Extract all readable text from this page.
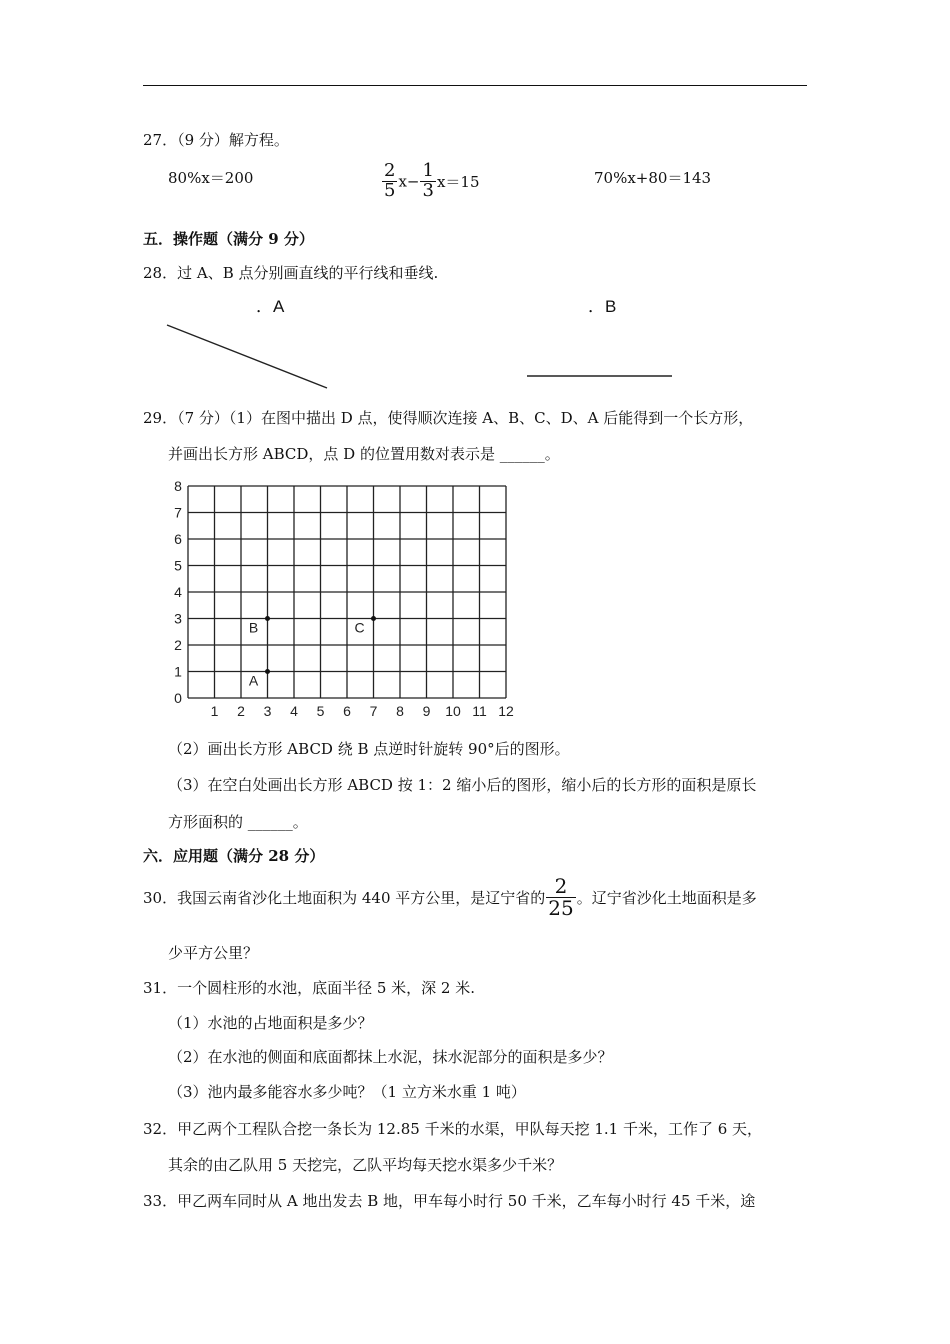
27．（9 分）解方程。
80%x＝200	$\frac{2}{5} x- \frac{1}{3} x=15$	70%x+80＝143
五．操作题（满分 9 分）
28．过 A、B 点分别画直线的平行线和垂线.
．A	．B
29．（7 分）（1）在图中描出 D 点，使得顺次连接 A、B、C、D、A 后能得到一个长方形，
并画出长方形 ABCD，点 D 的位置用数对表示是 ______。
1 2 3 4 5 6 7 8 9 10 11 12
0
1
2
3
4
5
6
7
8
A
B	C
（2）画出长方形 ABCD 绕 B 点逆时针旋转 90°后的图形。
（3）在空白处画出长方形 ABCD 按 1：2 缩小后的图形，缩小后的长方形的面积是原长
方形面积的 ______。
六．应用题（满分 28 分）
30．我国云南省沙化土地面积为 440 平方公里，是辽宁省的 $\frac{2}{25}$ 。辽宁省沙化土地面积是多
少平方公里？
31．一个圆柱形的水池，底面半径 5 米，深 2 米.
（1）水池的占地面积是多少？
（2）在水池的侧面和底面都抹上水泥，抹水泥部分的面积是多少？
（3）池内最多能容水多少吨？（1 立方米水重 1 吨）
32．甲乙两个工程队合挖一条长为 12.85 千米的水渠，甲队每天挖 1.1 千米，工作了 6 天，
其余的由乙队用 5 天挖完，乙队平均每天挖水渠多少千米？
33．甲乙两车同时从 A 地出发去 B 地，甲车每小时行 50 千米，乙车每小时行 45 千米，途
